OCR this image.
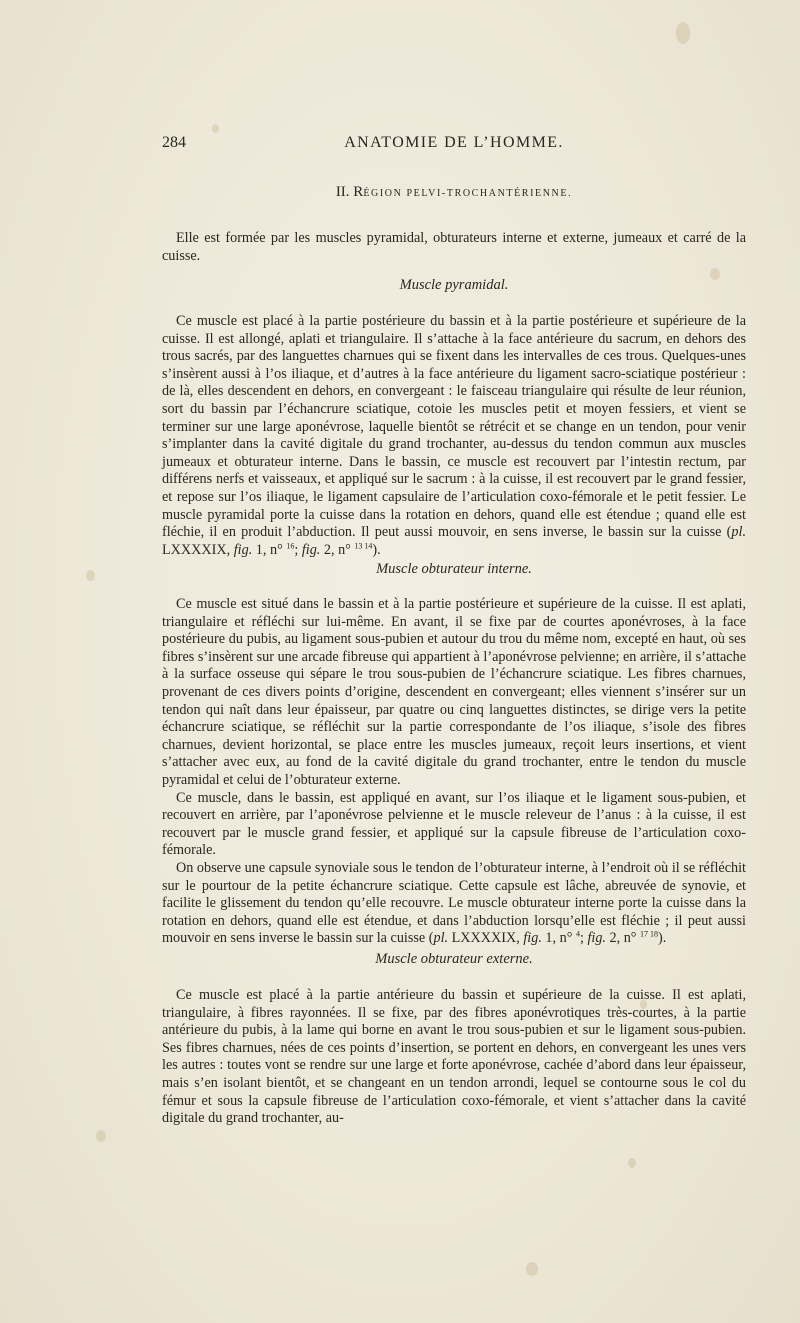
284	ANATOMIE DE L’HOMME.
II. RÉGION PELVI-TROCHANTÉRIENNE.

Elle est formée par les muscles pyramidal, obturateurs interne et externe, jumeaux et carré de la cuisse.

Muscle pyramidal.

Ce muscle est placé à la partie postérieure du bassin et à la partie postérieure et supérieure de la cuisse. Il est allongé, aplati et triangulaire. Il s’attache à la face antérieure du sacrum, en dehors des trous sacrés, par des languettes charnues qui se fixent dans les intervalles de ces trous. Quelques-unes s’insèrent aussi à l’os iliaque, et d’autres à la face antérieure du ligament sacro-sciatique postérieur : de là, elles descendent en dehors, en convergeant : le faisceau triangulaire qui résulte de leur réunion, sort du bassin par l’échancrure sciatique, cotoie les muscles petit et moyen fessiers, et vient se terminer sur une large aponévrose, laquelle bientôt se rétrécit et se change en un tendon, pour venir s’implanter dans la cavité digitale du grand trochanter, au-dessus du tendon commun aux muscles jumeaux et obturateur interne. Dans le bassin, ce muscle est recouvert par l’intestin rectum, par différens nerfs et vaisseaux, et appliqué sur le sacrum : à la cuisse, il est recouvert par le grand fessier, et repose sur l’os iliaque, le ligament capsulaire de l’articulation coxo-fémorale et le petit fessier. Le muscle pyramidal porte la cuisse dans la rotation en dehors, quand elle est étendue ; quand elle est fléchie, il en produit l’abduction. Il peut aussi mouvoir, en sens inverse, le bassin sur la cuisse (pl. LXXXXIX, fig. 1, n° $^{16}$; fig. 2, n° $^{13 14}$).

Muscle obturateur interne.

Ce muscle est situé dans le bassin et à la partie postérieure et supérieure de la cuisse. Il est aplati, triangulaire et réfléchi sur lui-même. En avant, il se fixe par de courtes aponévroses, à la face postérieure du pubis, au ligament sous-pubien et autour du trou du même nom, excepté en haut, où ses fibres s’insèrent sur une arcade fibreuse qui appartient à l’aponévrose pelvienne; en arrière, il s’attache à la surface osseuse qui sépare le trou sous-pubien de l’échancrure sciatique. Les fibres charnues, provenant de ces divers points d’origine, descendent en convergeant; elles viennent s’insérer sur un tendon qui naît dans leur épaisseur, par quatre ou cinq languettes distinctes, se dirige vers la petite échancrure sciatique, se réfléchit sur la partie correspondante de l’os iliaque, s’isole des fibres charnues, devient horizontal, se place entre les muscles jumeaux, reçoit leurs insertions, et vient s’attacher avec eux, au fond de la cavité digitale du grand trochanter, entre le tendon du muscle pyramidal et celui de l’obturateur externe.

Ce muscle, dans le bassin, est appliqué en avant, sur l’os iliaque et le ligament sous-pubien, et recouvert en arrière, par l’aponévrose pelvienne et le muscle releveur de l’anus : à la cuisse, il est recouvert par le muscle grand fessier, et appliqué sur la capsule fibreuse de l’articulation coxo-fémorale.

On observe une capsule synoviale sous le tendon de l’obturateur interne, à l’endroit où il se réfléchit sur le pourtour de la petite échancrure sciatique. Cette capsule est lâche, abreuvée de synovie, et facilite le glissement du tendon qu’elle recouvre. Le muscle obturateur interne porte la cuisse dans la rotation en dehors, quand elle est étendue, et dans l’abduction lorsqu’elle est fléchie ; il peut aussi mouvoir en sens inverse le bassin sur la cuisse (pl. LXXXXIX, fig. 1, n° $^4$; fig. 2, n° $^{17 18}$).

Muscle obturateur externe.

Ce muscle est placé à la partie antérieure du bassin et supérieure de la cuisse. Il est aplati, triangulaire, à fibres rayonnées. Il se fixe, par des fibres aponévrotiques très-courtes, à la partie antérieure du pubis, à la lame qui borne en avant le trou sous-pubien et sur le ligament sous-pubien. Ses fibres charnues, nées de ces points d’insertion, se portent en dehors, en convergeant les unes vers les autres : toutes vont se rendre sur une large et forte aponévrose, cachée d’abord dans leur épaisseur, mais s’en isolant bientôt, et se changeant en un tendon arrondi, lequel se contourne sous le col du fémur et sous la capsule fibreuse de l’articulation coxo-fémorale, et vient s’attacher dans la cavité digitale du grand trochanter, au-
